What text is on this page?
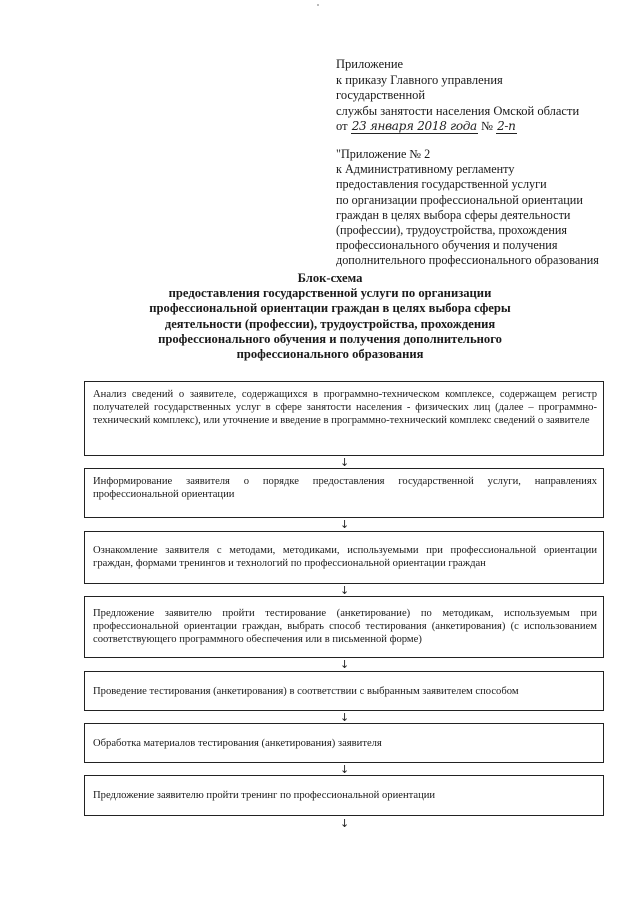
Приложение
к приказу Главного управления
государственной
службы занятости населения Омской области
от 23 января 2018 года № 2-п
"Приложение № 2
к Административному регламенту
предоставления государственной услуги
по организации профессиональной ориентации
граждан в целях выбора сферы деятельности
(профессии), трудоустройства, прохождения
профессионального обучения и получения
дополнительного профессионального образования
Блок-схема
предоставления государственной услуги по организации
профессиональной ориентации граждан в целях выбора сферы
деятельности (профессии), трудоустройства, прохождения
профессионального обучения и получения дополнительного
профессионального образования
Анализ сведений о заявителе, содержащихся в программно-техническом комплексе, содержащем регистр получателей государственных услуг в сфере занятости населения - физических лиц (далее – программно-технический комплекс), или уточнение и введение в программно-технический комплекс сведений о заявителе
↓
Информирование заявителя о порядке предоставления государственной услуги, направлениях профессиональной ориентации
↓
Ознакомление заявителя с методами, методиками, используемыми при профессиональной ориентации граждан, формами тренингов и технологий по профессиональной ориентации граждан
↓
Предложение заявителю пройти тестирование (анкетирование) по методикам, используемым при профессиональной ориентации граждан, выбрать способ тестирования (анкетирования) (с использованием соответствующего программного обеспечения или в письменной форме)
↓
Проведение тестирования (анкетирования) в соответствии с выбранным заявителем способом
↓
Обработка материалов тестирования (анкетирования) заявителя
↓
Предложение заявителю пройти тренинг по профессиональной ориентации
↓
